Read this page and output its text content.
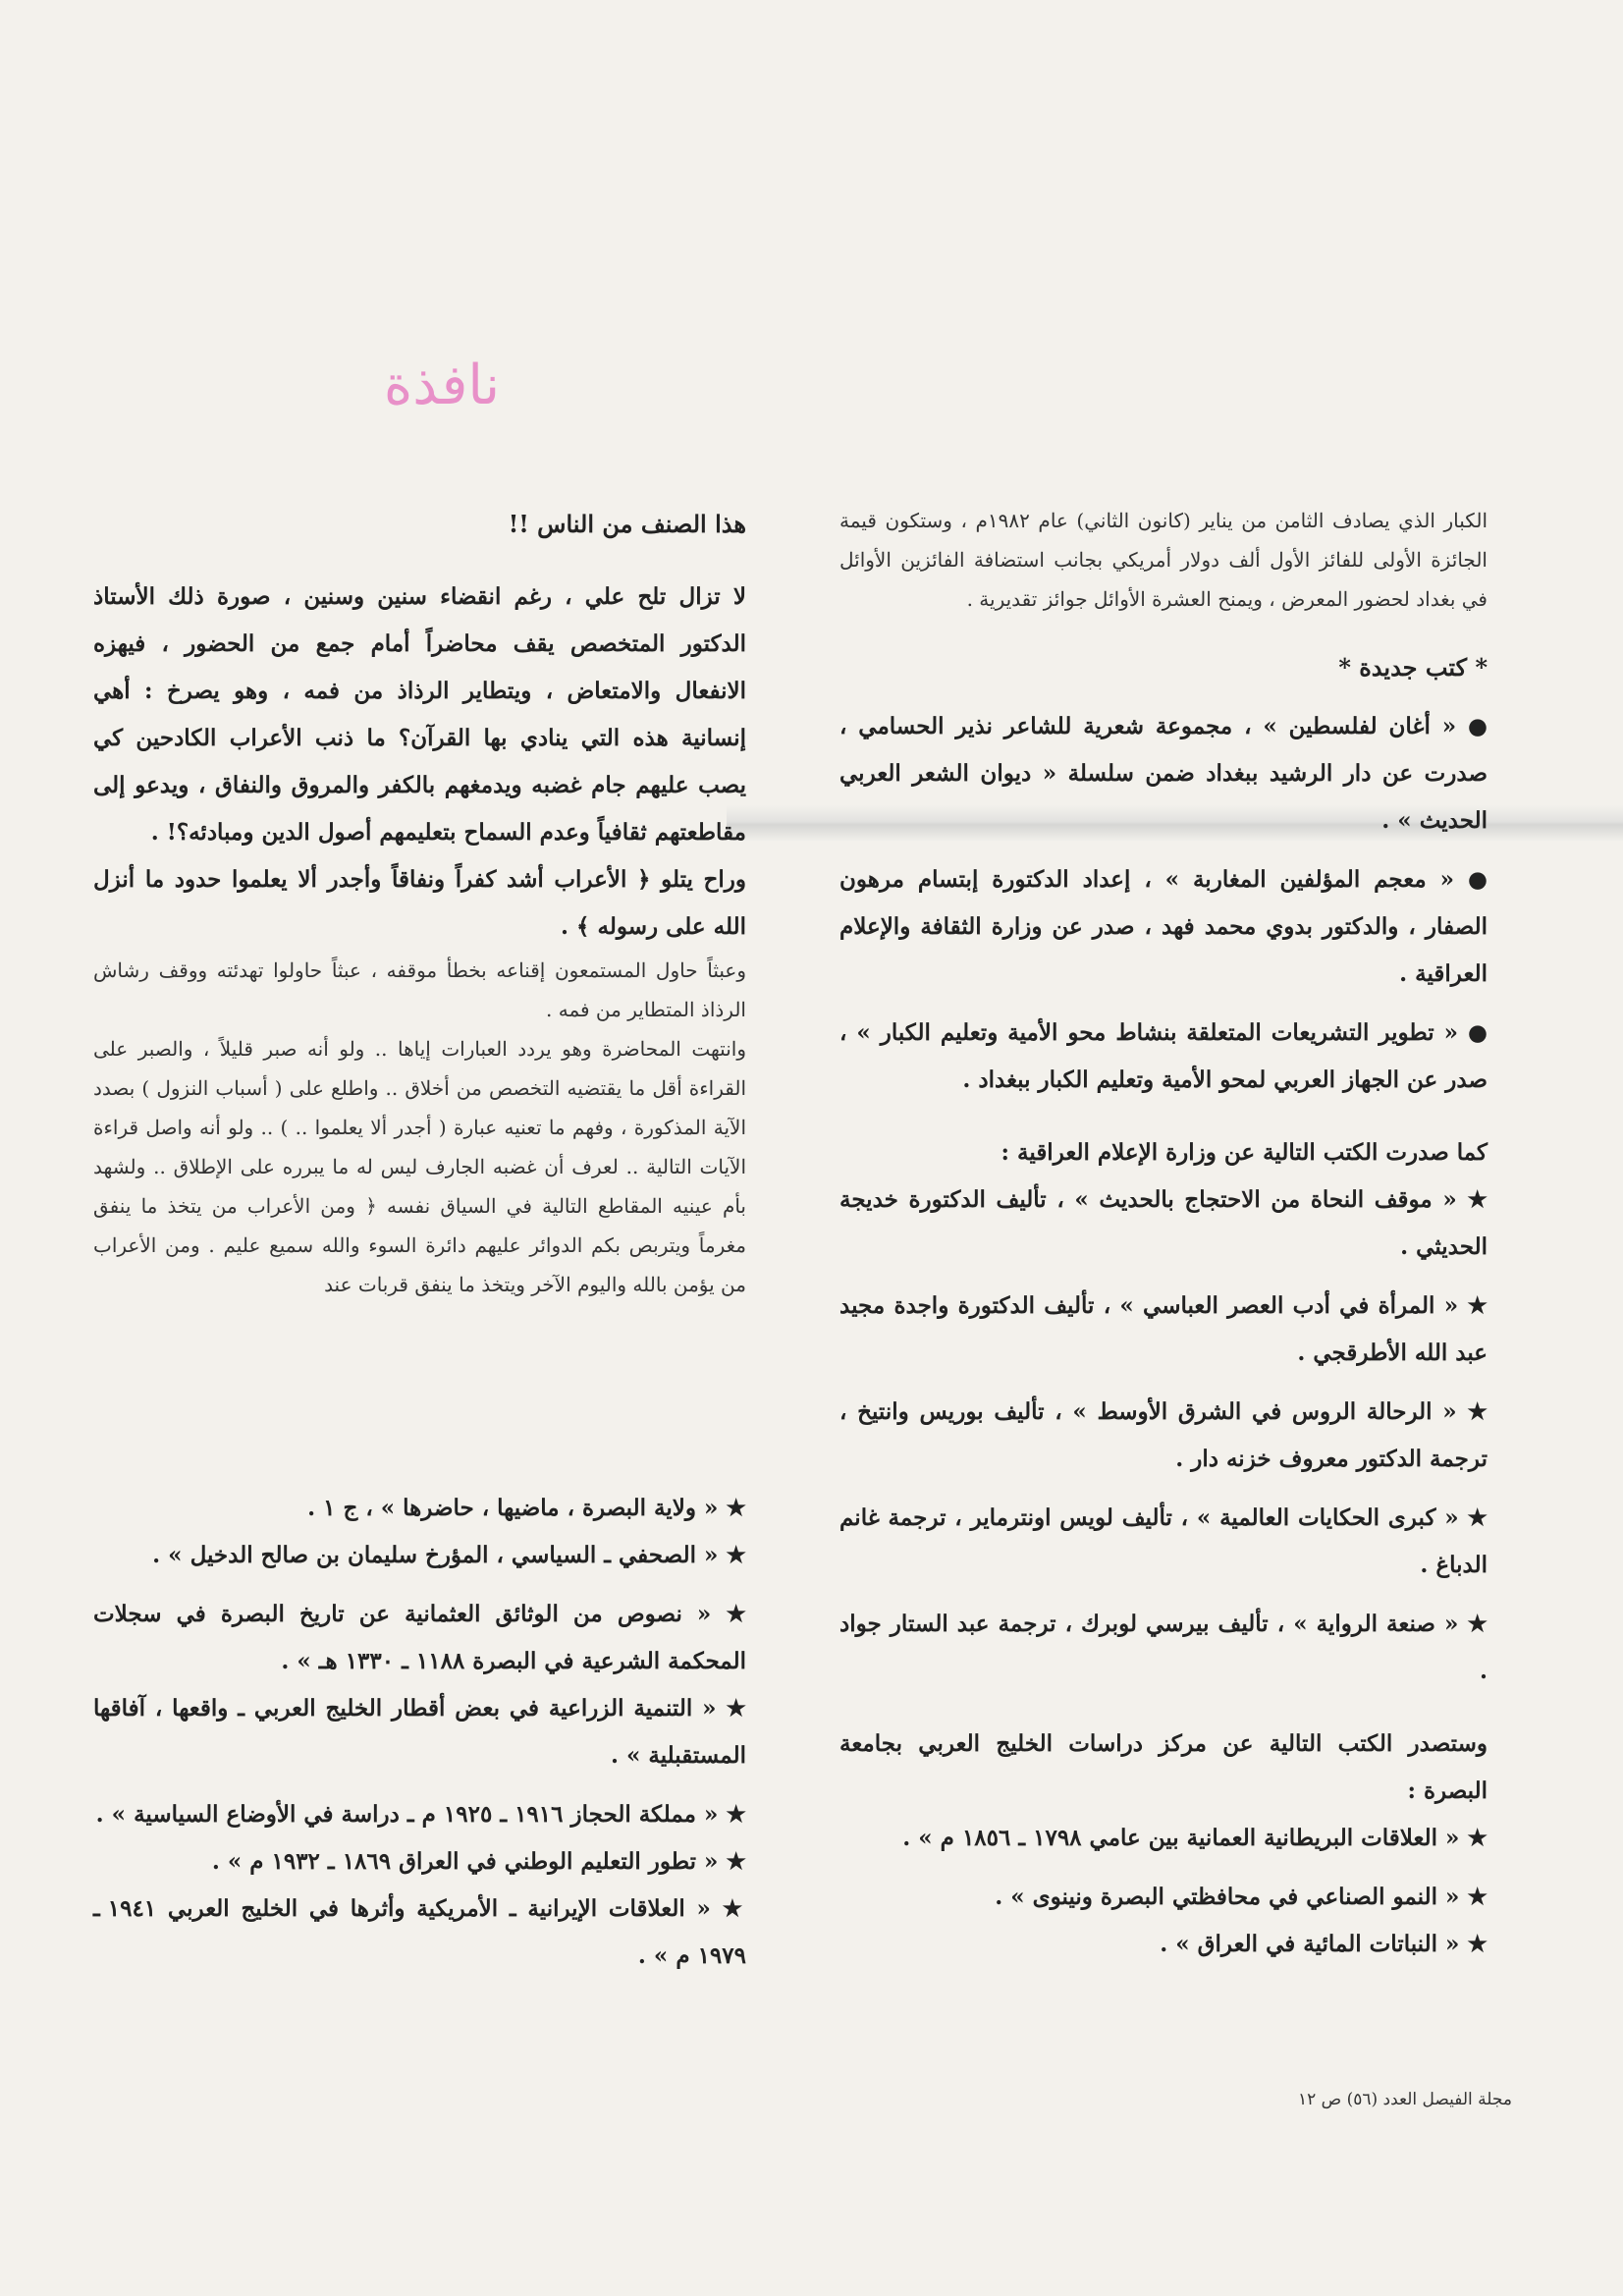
نافذة

الكبار الذي يصادف الثامن من يناير (كانون الثاني) عام ١٩٨٢م ، وستكون قيمة الجائزة الأولى للفائز الأول ألف دولار أمريكي بجانب استضافة الفائزين الأوائل في بغداد لحضور المعرض ، ويمنح العشرة الأوائل جوائز تقديرية .

* كتب جديدة *

● « أغان لفلسطين » ، مجموعة شعرية للشاعر نذير الحسامي ، صدرت عن دار الرشيد ببغداد ضمن سلسلة « ديوان الشعر العربي الحديث » .

● « معجم المؤلفين المغاربة » ، إعداد الدكتورة إبتسام مرهون الصفار ، والدكتور بدوي محمد فهد ، صدر عن وزارة الثقافة والإعلام العراقية .

● « تطوير التشريعات المتعلقة بنشاط محو الأمية وتعليم الكبار » ، صدر عن الجهاز العربي لمحو الأمية وتعليم الكبار ببغداد .

كما صدرت الكتب التالية عن وزارة الإعلام العراقية :

★ « موقف النحاة من الاحتجاج بالحديث » ، تأليف الدكتورة خديجة الحديثي .

★ « المرأة في أدب العصر العباسي » ، تأليف الدكتورة واجدة مجيد عبد الله الأطرقجي .

★ « الرحالة الروس في الشرق الأوسط » ، تأليف بوريس وانتيخ ، ترجمة الدكتور معروف خزنه دار .

★ « كبرى الحكايات العالمية » ، تأليف لويس اونترماير ، ترجمة غانم الدباغ .

★ « صنعة الرواية » ، تأليف بيرسي لوبرك ، ترجمة عبد الستار جواد .

وستصدر الكتب التالية عن مركز دراسات الخليج العربي بجامعة البصرة :

★ « العلاقات البريطانية العمانية بين عامي ١٧٩٨ ـ ١٨٥٦ م » .

★ « النمو الصناعي في محافظتي البصرة ونينوى » .

★ « النباتات المائية في العراق » .

هذا الصنف من الناس !!

لا تزال تلح علي ، رغم انقضاء سنين وسنين ، صورة ذلك الأستاذ الدكتور المتخصص يقف محاضراً أمام جمع من الحضور ، فيهزه الانفعال والامتعاض ، ويتطاير الرذاذ من فمه ، وهو يصرخ : أهي إنسانية هذه التي ينادي بها القرآن؟ ما ذنب الأعراب الكادحين كي يصب عليهم جام غضبه ويدمغهم بالكفر والمروق والنفاق ، ويدعو إلى مقاطعتهم ثقافياً وعدم السماح بتعليمهم أصول الدين ومبادئه؟! .

وراح يتلو ﴿ الأعراب أشد كفراً ونفاقاً وأجدر ألا يعلموا حدود ما أنزل الله على رسوله ﴾ .

وعبثاً حاول المستمعون إقناعه بخطأ موقفه ، عبثاً حاولوا تهدئته ووقف رشاش الرذاذ المتطاير من فمه .

وانتهت المحاضرة وهو يردد العبارات إياها .. ولو أنه صبر قليلاً ، والصبر على القراءة أقل ما يقتضيه التخصص من أخلاق .. واطلع على ( أسباب النزول ) بصدد الآية المذكورة ، وفهم ما تعنيه عبارة ( أجدر ألا يعلموا .. ) .. ولو أنه واصل قراءة الآيات التالية .. لعرف أن غضبه الجارف ليس له ما يبرره على الإطلاق .. ولشهد بأم عينيه المقاطع التالية في السياق نفسه ﴿ ومن الأعراب من يتخذ ما ينفق مغرماً ويتربص بكم الدوائر عليهم دائرة السوء والله سميع عليم . ومن الأعراب من يؤمن بالله واليوم الآخر ويتخذ ما ينفق قربات عند

★ « ولاية البصرة ، ماضيها ، حاضرها » ، ج ١ .

★ « الصحفي ـ السياسي ، المؤرخ سليمان بن صالح الدخيل » .

★ « نصوص من الوثائق العثمانية عن تاريخ البصرة في سجلات المحكمة الشرعية في البصرة ١١٨٨ ـ ١٣٣٠ هـ » .

★ « التنمية الزراعية في بعض أقطار الخليج العربي ـ واقعها ، آفاقها المستقبلية » .

★ « مملكة الحجاز ١٩١٦ ـ ١٩٢٥ م ـ دراسة في الأوضاع السياسية » .

★ « تطور التعليم الوطني في العراق ١٨٦٩ ـ ١٩٣٢ م » .

★ « العلاقات الإيرانية ـ الأمريكية وأثرها في الخليج العربي ١٩٤١ ـ ١٩٧٩ م » .

مجلة الفيصل العدد (٥٦) ص ١٢
